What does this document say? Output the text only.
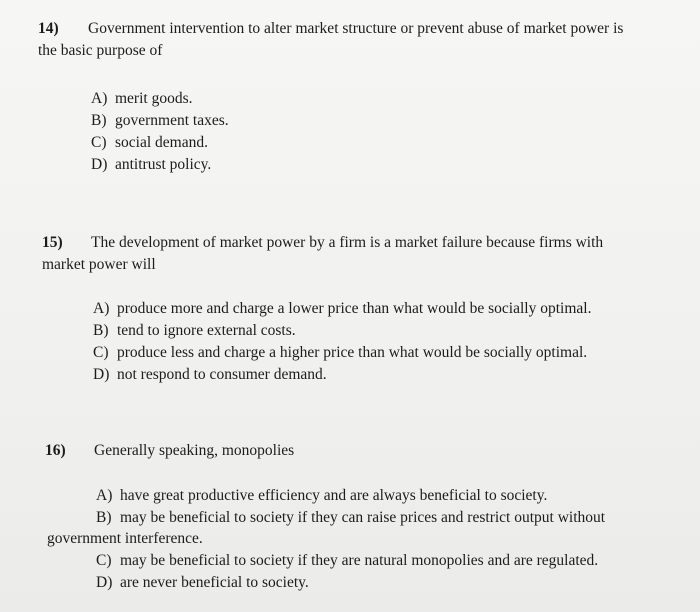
14) Government intervention to alter market structure or prevent abuse of market power is
the basic purpose of
A) merit goods.
B) government taxes.
C) social demand.
D) antitrust policy.
15) The development of market power by a firm is a market failure because firms with
market power will
A) produce more and charge a lower price than what would be socially optimal.
B) tend to ignore external costs.
C) produce less and charge a higher price than what would be socially optimal.
D) not respond to consumer demand.
16) Generally speaking, monopolies
A) have great productive efficiency and are always beneficial to society.
B) may be beneficial to society if they can raise prices and restrict output without
government interference.
C) may be beneficial to society if they are natural monopolies and are regulated.
D) are never beneficial to society.
